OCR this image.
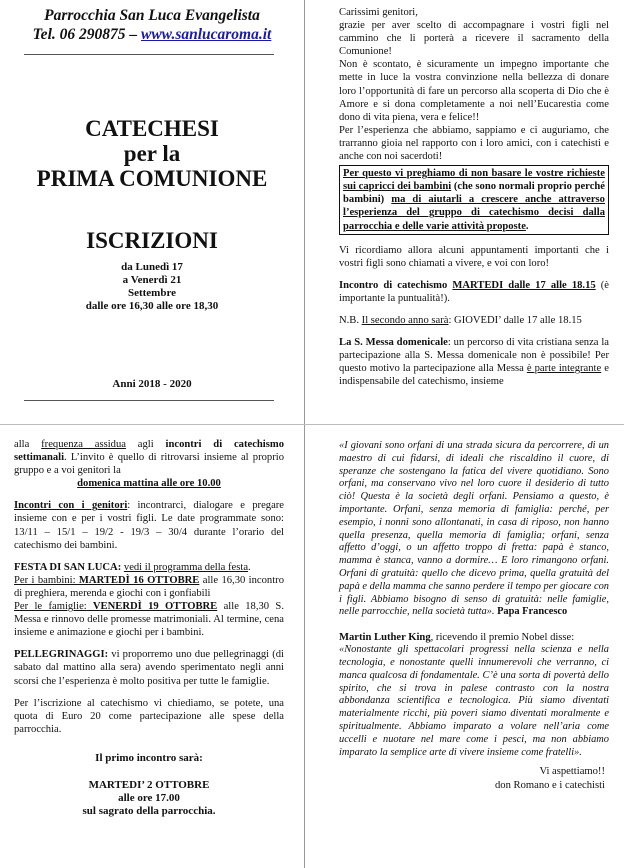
Parrocchia San Luca Evangelista
Tel. 06 290875 – www.sanlucaroma.it
CATECHESI
per la
PRIMA COMUNIONE
ISCRIZIONI
da Lunedì 17
a Venerdì 21
Settembre
dalle ore 16,30 alle ore 18,30
Anni 2018 - 2020

Carissimi genitori,

grazie per aver scelto di accompagnare i vostri figli nel cammino che li porterà a ricevere il sacramento della Comunione!

Non è scontato, è sicuramente un impegno importante che mette in luce la vostra convinzione nella bellezza di donare loro l’opportunità di fare un percorso alla scoperta di Dio che è Amore e si dona completamente a noi nell’Eucarestia come dono di vita piena, vera e felice!!

Per l’esperienza che abbiamo, sappiamo e ci auguriamo, che trarranno gioia nel rapporto con i loro amici, con i catechisti e anche con noi sacerdoti!

Per questo vi preghiamo di non basare le vostre richieste sui capricci dei bambini (che sono normali proprio perché bambini) ma di aiutarli a crescere anche attraverso l’esperienza del gruppo di catechismo decisi dalla parrocchia e delle varie attività proposte.

Vi ricordiamo allora alcuni appuntamenti importanti che i vostri figli sono chiamati a vivere, e voi con loro!

Incontro di catechismo MARTEDI dalle 17 alle 18.15 (è importante la puntualità!).

N.B. Il secondo anno sarà: GIOVEDI’ dalle 17 alle 18.15

La S. Messa domenicale: un percorso di vita cristiana senza la partecipazione alla S. Messa domenicale non è possibile! Per questo motivo la partecipazione alla Messa è parte integrante e indispensabile del catechismo, insieme

alla frequenza assidua agli incontri di catechismo settimanali. L’invito è quello di ritrovarsi insieme al proprio gruppo e a voi genitori la

domenica mattina alle ore 10.00

Incontri con i genitori: incontrarci, dialogare e pregare insieme con e per i vostri figli. Le date programmate sono: 13/11 – 15/1 – 19/2 - 19/3 – 30/4 durante l’orario del catechismo dei bambini.

FESTA DI SAN LUCA: vedi il programma della festa.

Per i bambini: MARTEDÌ 16 OTTOBRE alle 16,30 incontro di preghiera, merenda e giochi con i gonfiabili

Per le famiglie: VENERDÌ 19 OTTOBRE alle 18,30 S. Messa e rinnovo delle promesse matrimoniali. Al termine, cena insieme e animazione e giochi per i bambini.

PELLEGRINAGGI: vi proporremo uno due pellegrinaggi (di sabato dal mattino alla sera) avendo sperimentato negli anni scorsi che l’esperienza è molto positiva per tutte le famiglie.

Per l’iscrizione al catechismo vi chiediamo, se potete, una quota di Euro 20 come partecipazione alle spese della parrocchia.

Il primo incontro sarà:
MARTEDI’ 2 OTTOBRE
alle ore 17.00
sul sagrato della parrocchia.

«I giovani sono orfani di una strada sicura da percorrere, di un maestro di cui fidarsi, di ideali che riscaldino il cuore, di speranze che sostengano la fatica del vivere quotidiano. Sono orfani, ma conservano vivo nel loro cuore il desiderio di tutto ciò! Questa è la società degli orfani. Pensiamo a questo, è importante. Orfani, senza memoria di famiglia: perché, per esempio, i nonni sono allontanati, in casa di riposo, non hanno quella presenza, quella memoria di famiglia; orfani, senza affetto d’oggi, o un affetto troppo di fretta: papà è stanco, mamma è stanca, vanno a dormire… E loro rimangono orfani. Orfani di gratuità: quello che dicevo prima, quella gratuità del papà e della mamma che sanno perdere il tempo per giocare con i figli. Abbiamo bisogno di senso di gratuità: nelle famiglie, nelle parrocchie, nella società tutta». Papa Francesco

Martin Luther King, ricevendo il premio Nobel disse:

«Nonostante gli spettacolari progressi nella scienza e nella tecnologia, e nonostante quelli innumerevoli che verranno, ci manca qualcosa di fondamentale. C’è una sorta di povertà dello spirito, che si trova in palese contrasto con la nostra abbondanza scientifica e tecnologica. Più siamo diventati materialmente ricchi, più poveri siamo diventati moralmente e spiritualmente. Abbiamo imparato a volare nell’aria come uccelli e nuotare nel mare come i pesci, ma non abbiamo imparato la semplice arte di vivere insieme come fratelli».

Vi aspettiamo!!

don Romano e i catechisti
